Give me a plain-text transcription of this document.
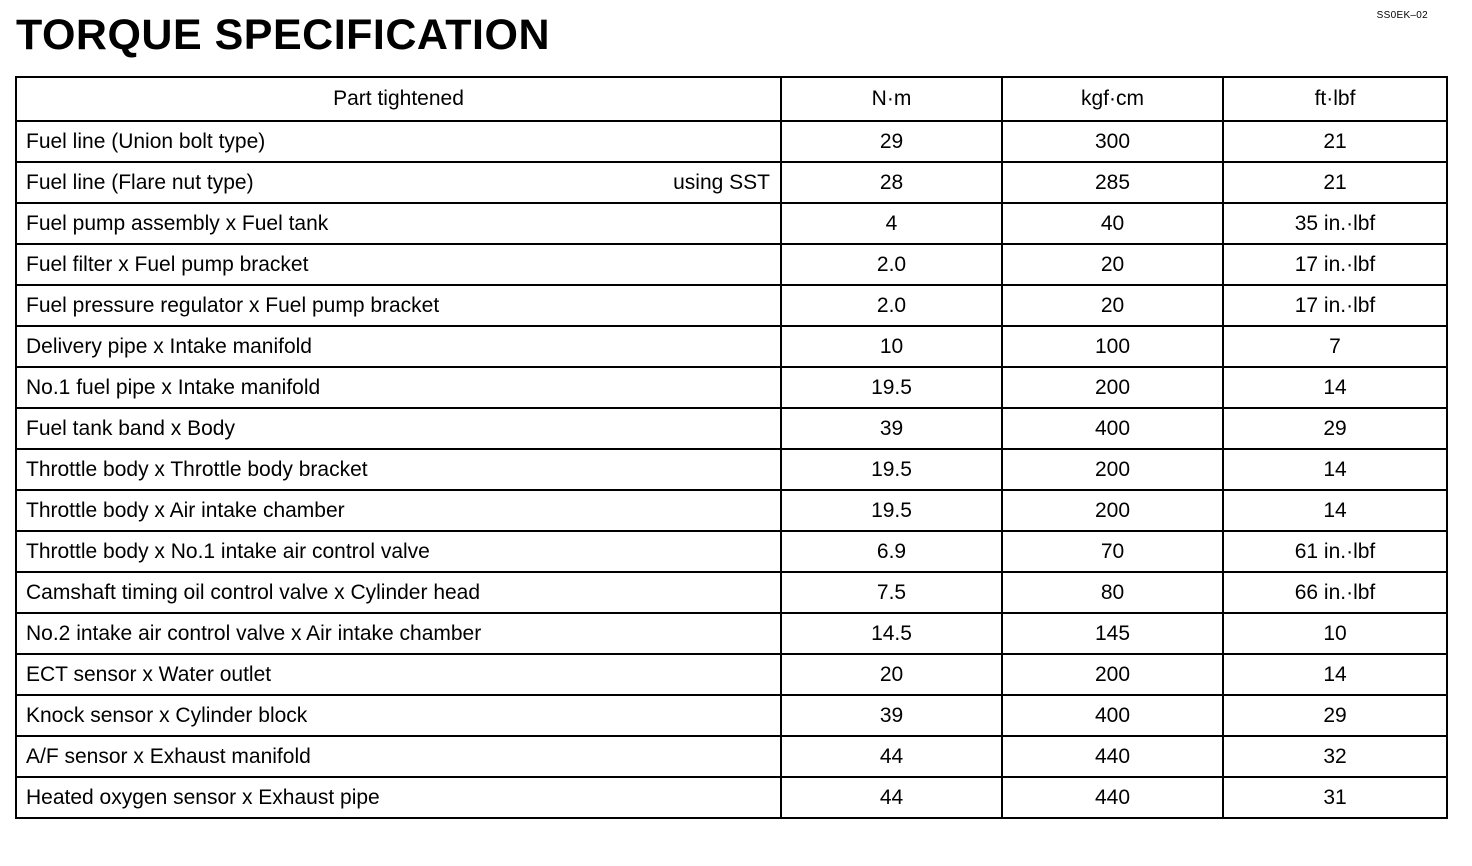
SS0EK–02
TORQUE SPECIFICATION
Part tightened	N·m	kgf·cm	ft·lbf

Fuel line (Union bolt type)	29	300	21

Fuel line (Flare nut type) using SST	28	285	21

Fuel pump assembly x Fuel tank	4	40	35 in.·lbf

Fuel filter x Fuel pump bracket	2.0	20	17 in.·lbf

Fuel pressure regulator x Fuel pump bracket	2.0	20	17 in.·lbf

Delivery pipe x Intake manifold	10	100	7

No.1 fuel pipe x Intake manifold	19.5	200	14

Fuel tank band x Body	39	400	29

Throttle body x Throttle body bracket	19.5	200	14

Throttle body x Air intake chamber	19.5	200	14

Throttle body x No.1 intake air control valve	6.9	70	61 in.·lbf

Camshaft timing oil control valve x Cylinder head	7.5	80	66 in.·lbf

No.2 intake air control valve x Air intake chamber	14.5	145	10

ECT sensor x Water outlet	20	200	14

Knock sensor x Cylinder block	39	400	29

A/F sensor x Exhaust manifold	44	440	32

Heated oxygen sensor x Exhaust pipe	44	440	31
